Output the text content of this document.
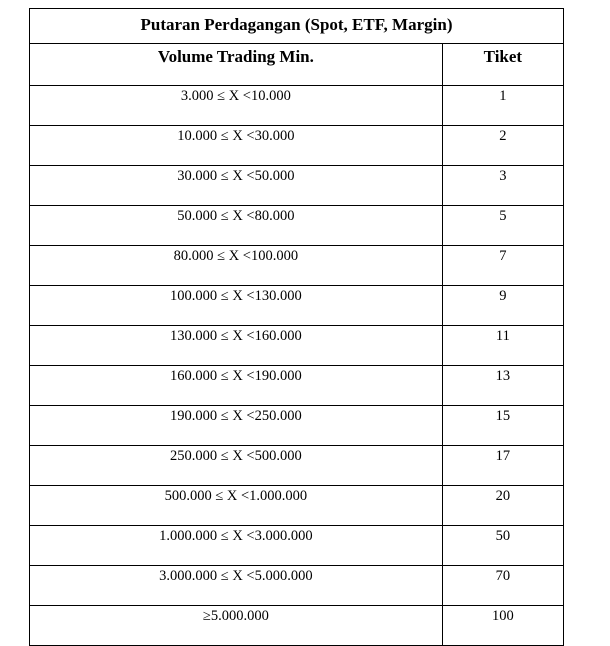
Putaran Perdagangan (Spot, ETF, Margin)	
Volume Trading Min.	Tiket
3.000 ≤ X <10.000	1
10.000 ≤ X <30.000	2
30.000 ≤ X <50.000	3
50.000 ≤ X <80.000	5
80.000 ≤ X <100.000	7
100.000 ≤ X <130.000	9
130.000 ≤ X <160.000	11
160.000 ≤ X <190.000	13
190.000 ≤ X <250.000	15
250.000 ≤ X <500.000	17
500.000 ≤ X <1.000.000	20
1.000.000 ≤ X <3.000.000	50
3.000.000 ≤ X <5.000.000	70
≥5.000.000	100
